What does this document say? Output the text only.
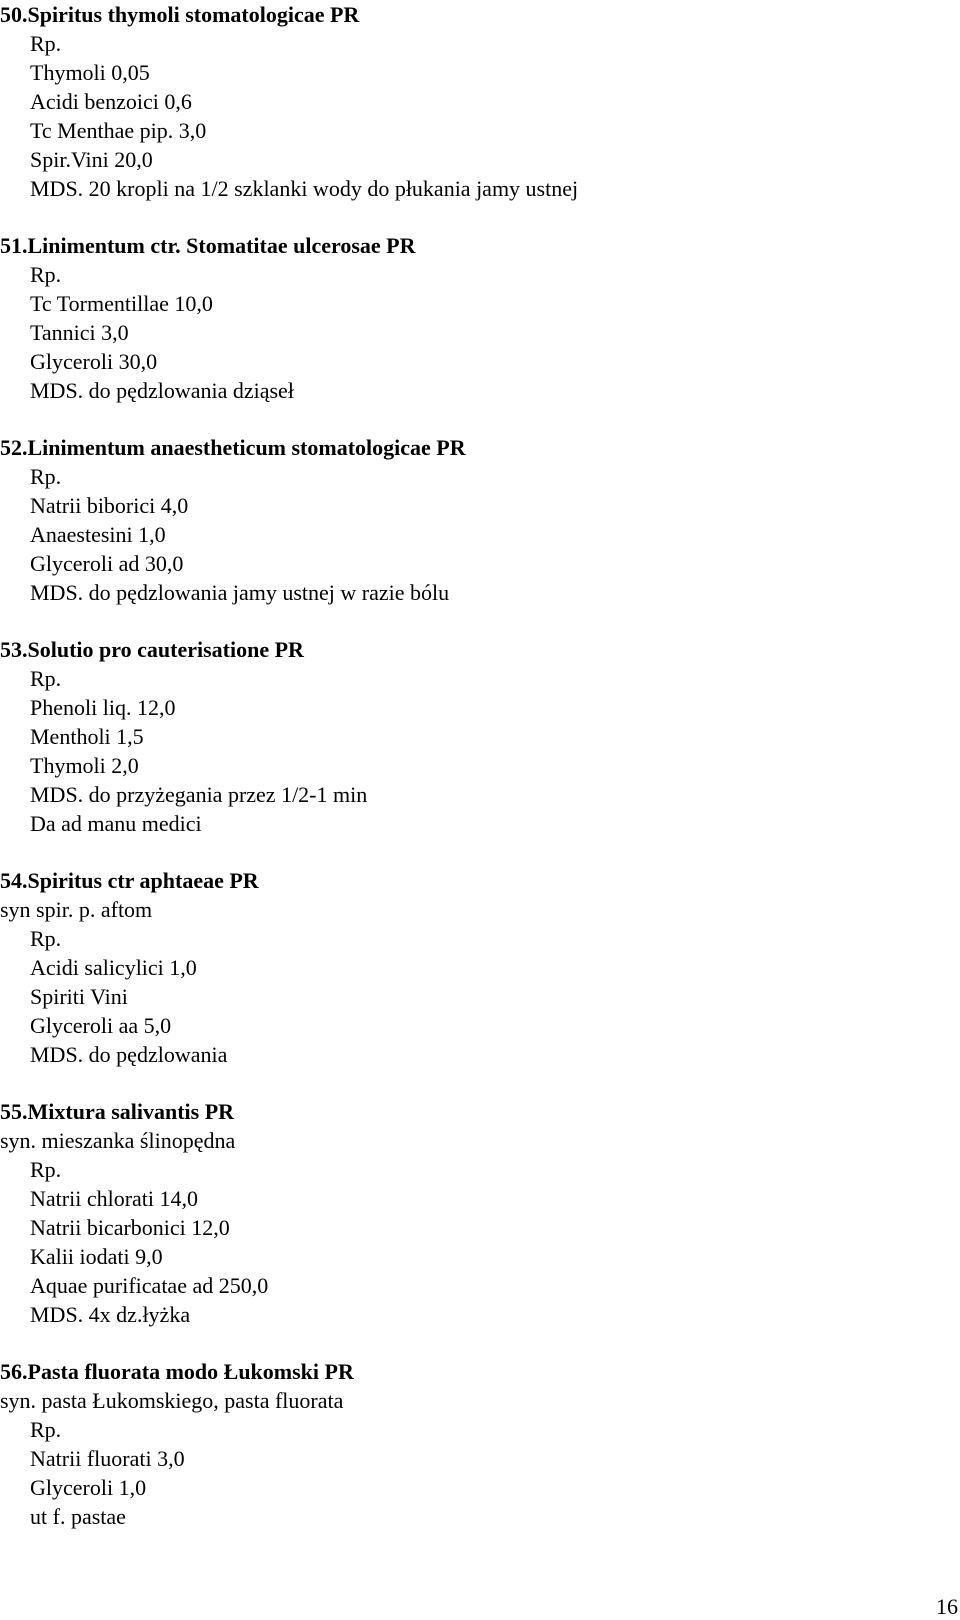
50.Spiritus thymoli stomatologicae PR
Rp.
Thymoli 0,05
Acidi benzoici 0,6
Tc Menthae pip. 3,0
Spir.Vini 20,0
MDS. 20 kropli na 1/2 szklanki wody do płukania jamy ustnej
51.Linimentum ctr. Stomatitae ulcerosae PR
Rp.
Tc Tormentillae 10,0
Tannici 3,0
Glyceroli 30,0
MDS. do pędzlowania dziąseł
52.Linimentum anaestheticum stomatologicae PR
Rp.
Natrii biborici 4,0
Anaestesini 1,0
Glyceroli ad 30,0
MDS. do pędzlowania jamy ustnej w razie bólu
53.Solutio pro cauterisatione PR
Rp.
Phenoli liq. 12,0
Mentholi 1,5
Thymoli 2,0
MDS. do przyżegania przez 1/2-1 min
Da ad manu medici
54.Spiritus ctr aphtaeae PR
syn spir. p. aftom
Rp.
Acidi salicylici 1,0
Spiriti Vini
Glyceroli aa 5,0
MDS. do pędzlowania
55.Mixtura salivantis PR
syn. mieszanka ślinopędna
Rp.
Natrii chlorati 14,0
Natrii bicarbonici 12,0
Kalii iodati 9,0
Aquae purificatae ad 250,0
MDS. 4x dz.łyżka
56.Pasta fluorata modo Łukomski PR
syn. pasta Łukomskiego, pasta fluorata
Rp.
Natrii fluorati 3,0
Glyceroli 1,0
ut f. pastae
16
